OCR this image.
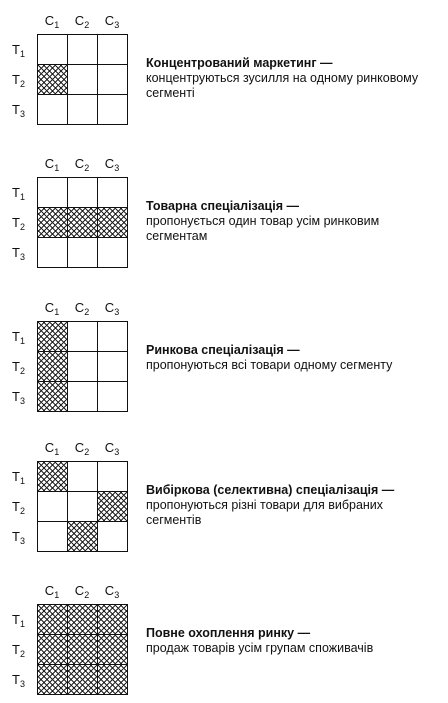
$C_1$	$C_2$	$C_3$
$T_1$
$T_2$
$T_3$
Концентрований маркетинг —
концентруються зусилля на одному ринковому
сегменті
$C_1$	$C_2$	$C_3$
$T_1$
$T_2$
$T_3$
Товарна спеціалізація —
пропонується один товар усім ринковим
сегментам
$C_1$	$C_2$	$C_3$
$T_1$
$T_2$
$T_3$
Ринкова спеціалізація —
пропонуються всі товари одному сегменту
$C_1$	$C_2$	$C_3$
$T_1$
$T_2$
$T_3$
Вибіркова (селективна) спеціалізація —
пропонуються різні товари для вибраних
сегментів
$C_1$	$C_2$	$C_3$
$T_1$
$T_2$
$T_3$
Повне охоплення ринку —
продаж товарів усім групам споживачів
